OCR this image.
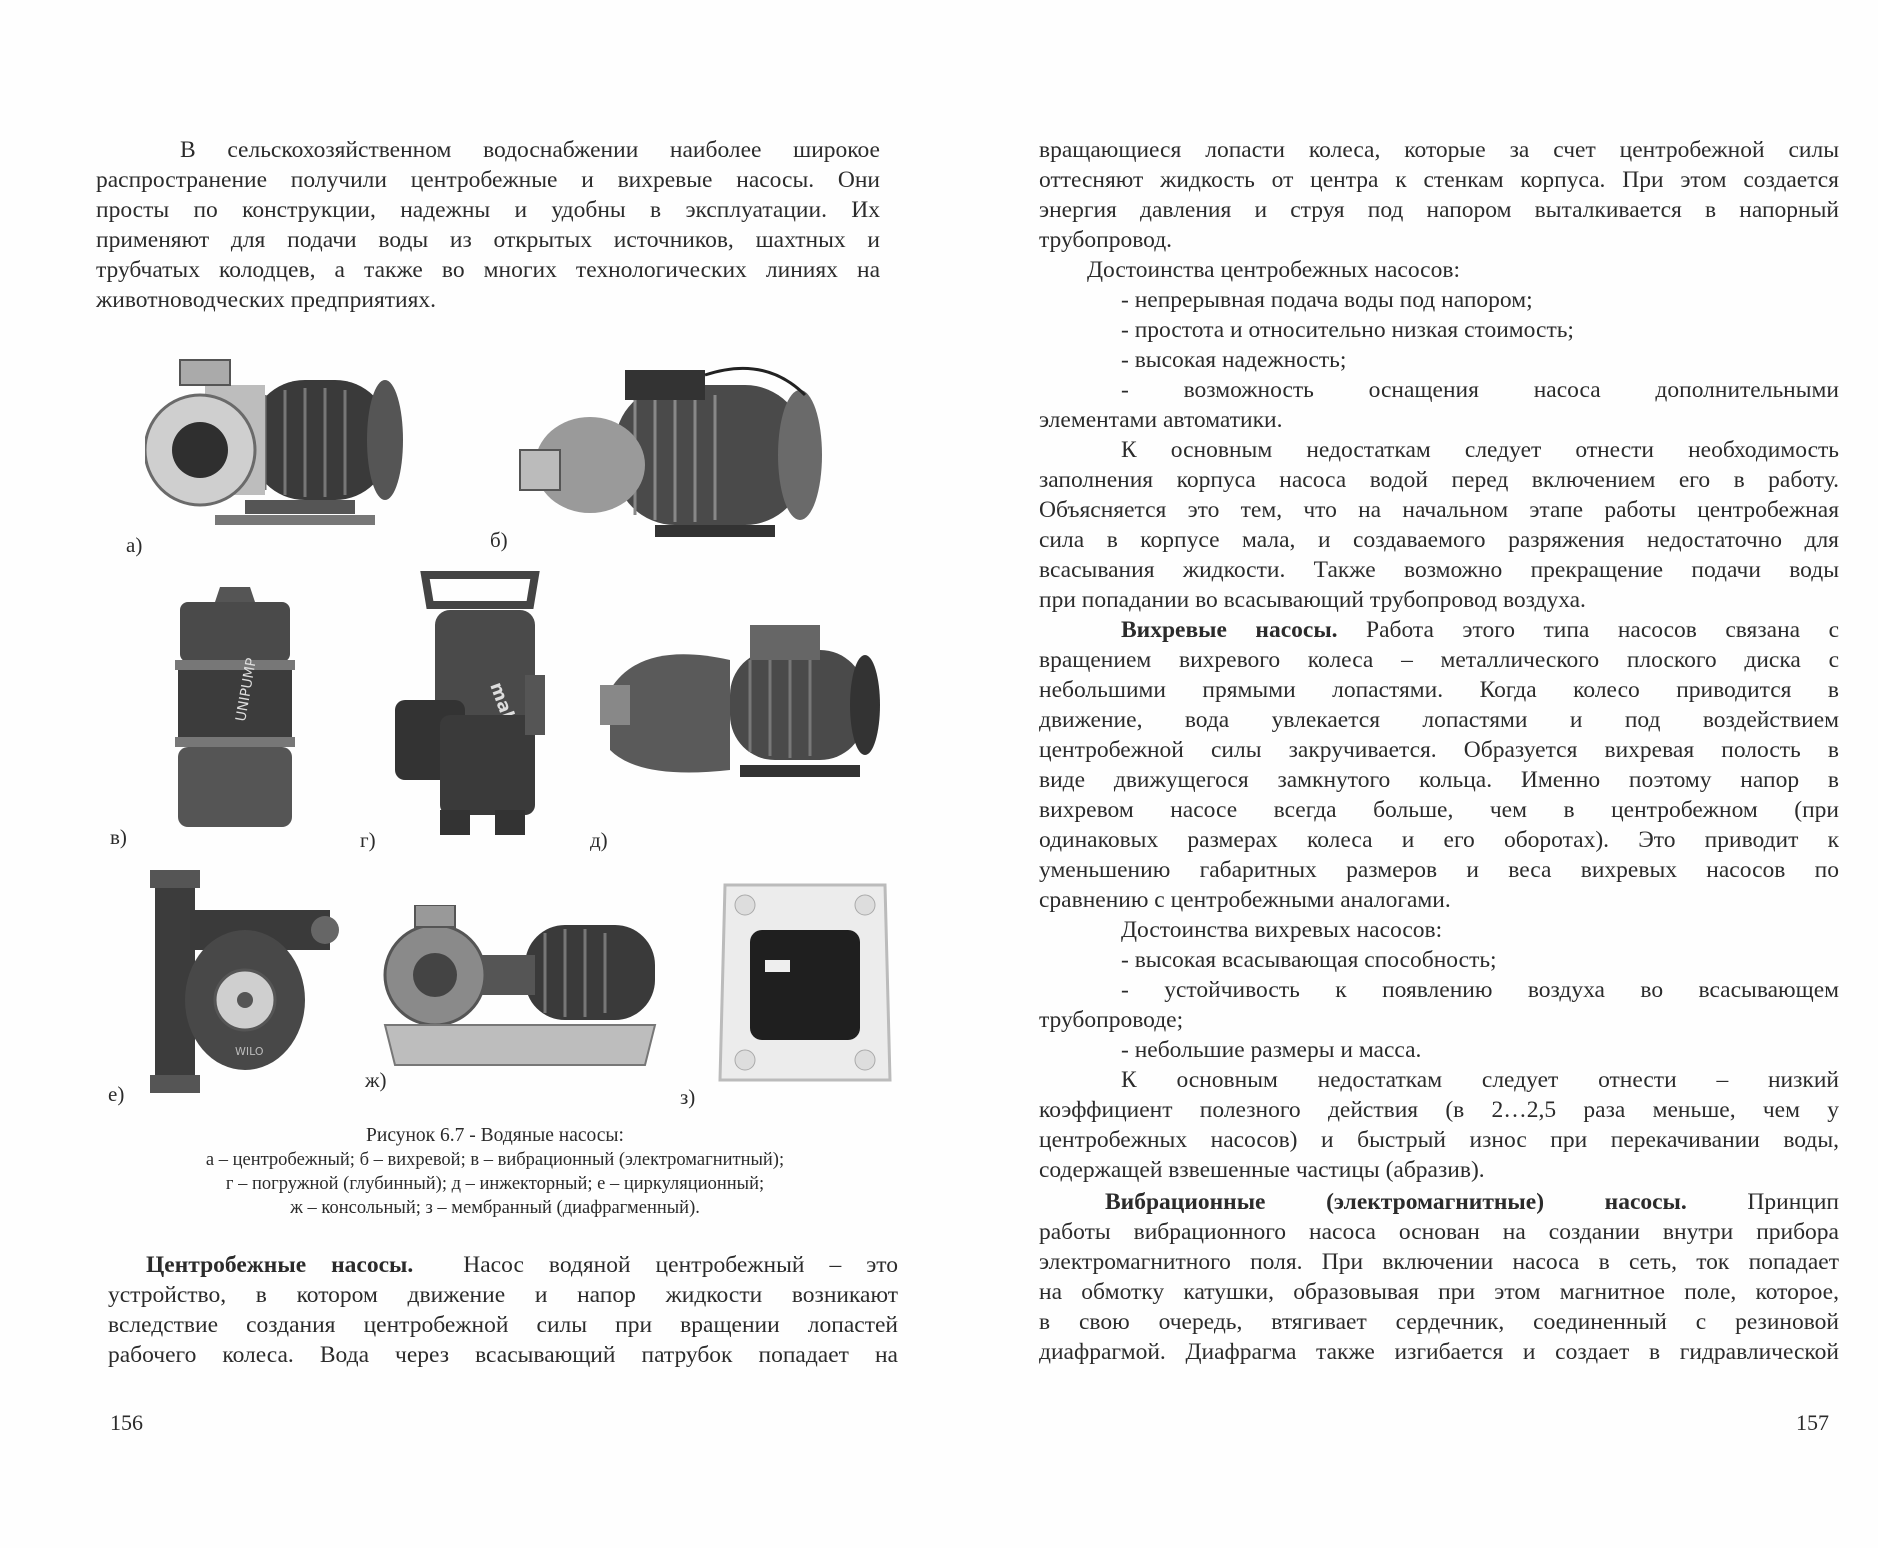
В сельскохозяйственном водоснабжении наиболее широкое
распространение получили центробежные и вихревые насосы. Они
просты по конструкции, надежны и удобны в эксплуатации. Их
применяют для подачи воды из открытых источников, шахтных и
трубчатых колодцев, а также во многих технологических линиях на
животноводческих предприятиях.
а)	б)
UNIPUMP
в)	г)	д)
WILO
е)
ж)
з)
Рисунок 6.7 - Водяные насосы:
а – центробежный; б – вихревой; в – вибрационный (электромагнитный);
г – погружной (глубинный); д – инжекторный; е – циркуляционный;
ж – консольный; з – мембранный (диафрагменный).
Центробежные насосы. Насос водяной центробежный – это
устройство, в котором движение и напор жидкости возникают
вследствие создания центробежной силы при вращении лопастей
рабочего колеса. Вода через всасывающий патрубок попадает на
156
вращающиеся лопасти колеса, которые за счет центробежной силы
оттесняют жидкость от центра к стенкам корпуса. При этом создается
энергия давления и струя под напором выталкивается в напорный
трубопровод.
Достоинства центробежных насосов:
- непрерывная подача воды под напором;
- простота и относительно низкая стоимость;
- высокая надежность;
- возможность оснащения насоса дополнительными
элементами автоматики.
К основным недостаткам следует отнести необходимость
заполнения корпуса насоса водой перед включением его в работу.
Объясняется это тем, что на начальном этапе работы центробежная
сила в корпусе мала, и создаваемого разряжения недостаточно для
всасывания жидкости. Также возможно прекращение подачи воды
при попадании во всасывающий трубопровод воздуха.
Вихревые насосы. Работа этого типа насосов связана с
вращением вихревого колеса – металлического плоского диска с
небольшими прямыми лопастями. Когда колесо приводится в
движение, вода увлекается лопастями и под воздействием
центробежной силы закручивается. Образуется вихревая полость в
виде движущегося замкнутого кольца. Именно поэтому напор в
вихревом насосе всегда больше, чем в центробежном (при
одинаковых размерах колеса и его оборотах). Это приводит к
уменьшению габаритных размеров и веса вихревых насосов по
сравнению с центробежными аналогами.
Достоинства вихревых насосов:
- высокая всасывающая способность;
- устойчивость к появлению воздуха во всасывающем
трубопроводе;
- небольшие размеры и масса.
К основным недостаткам следует отнести – низкий
коэффициент полезного действия (в 2…2,5 раза меньше, чем у
центробежных насосов) и быстрый износ при перекачивании воды,
содержащей взвешенные частицы (абразив).
Вибрационные (электромагнитные) насосы.	Принцип
работы вибрационного насоса основан на создании внутри прибора
электромагнитного поля. При включении насоса в сеть, ток попадает
на обмотку катушки, образовывая при этом магнитное поле, которое,
в свою очередь, втягивает сердечник, соединенный с резиновой
диафрагмой. Диафрагма также изгибается и создает в гидравлической
157
